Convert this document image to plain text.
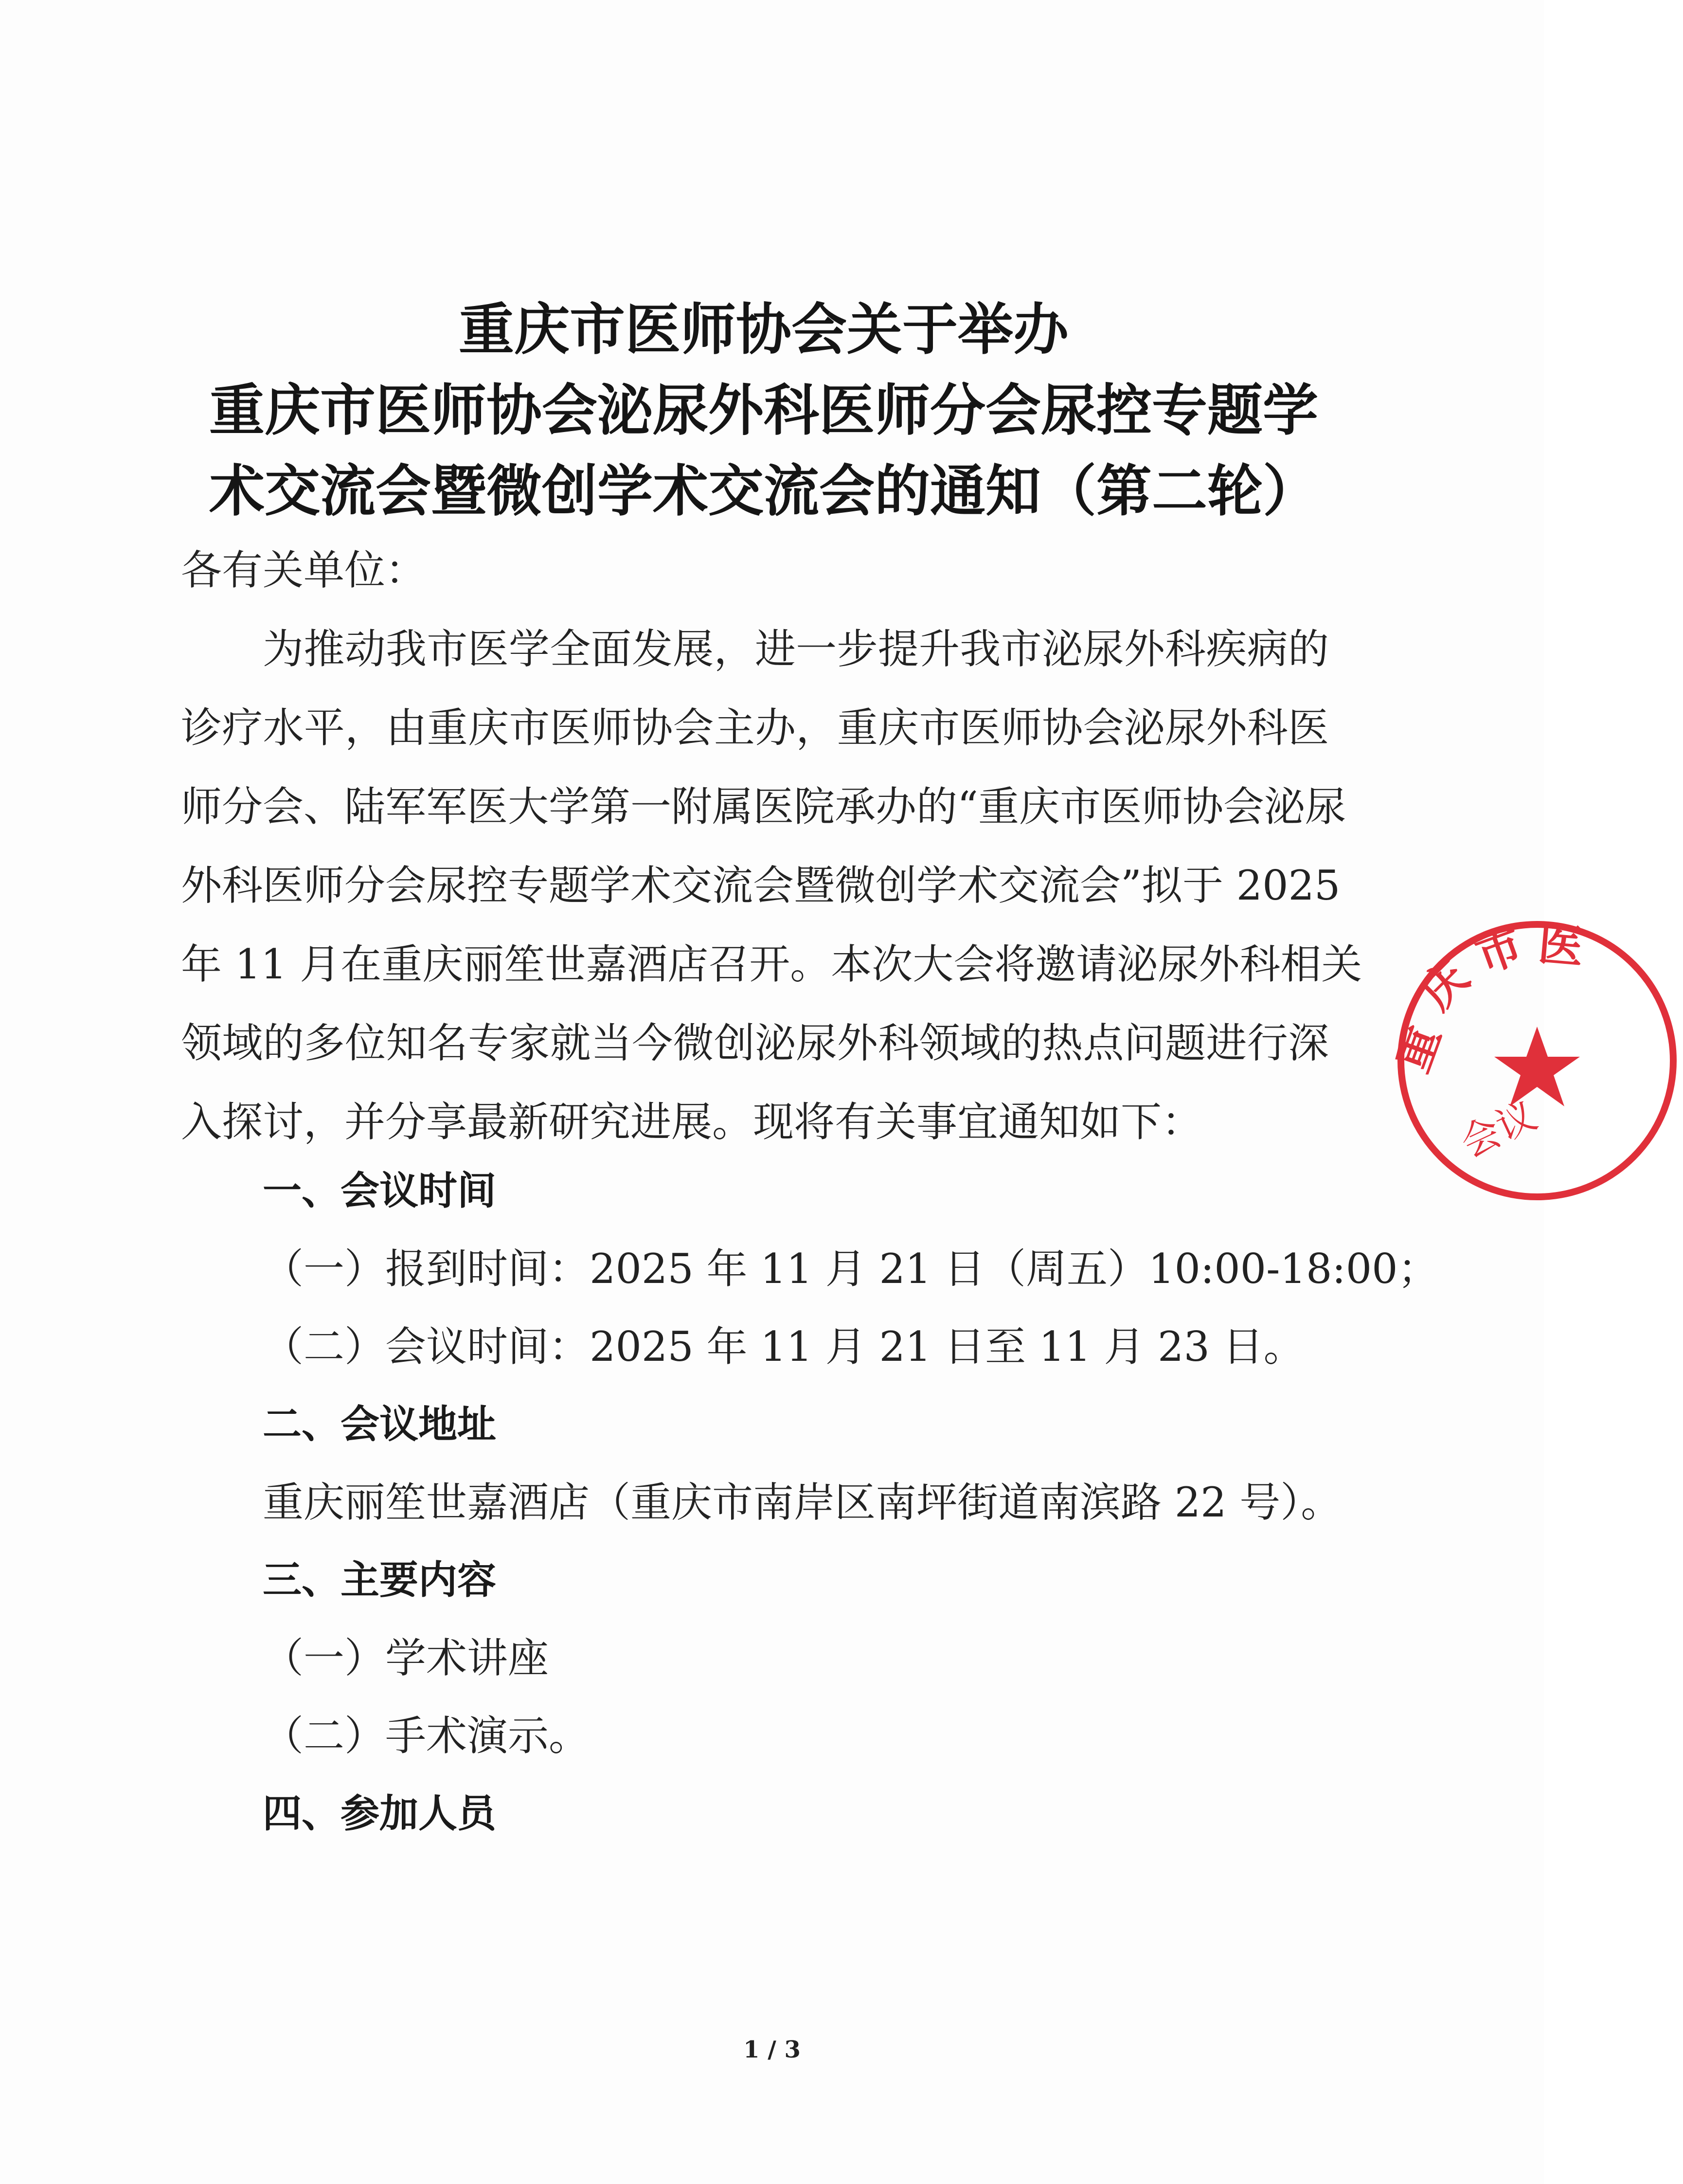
重庆市医师协会关于举办
重庆市医师协会泌尿外科医师分会尿控专题学
术交流会暨微创学术交流会的通知（第二轮）
各有关单位：
为推动我市医学全面发展，进一步提升我市泌尿外科疾病的
诊疗水平，由重庆市医师协会主办，重庆市医师协会泌尿外科医
师分会、陆军军医大学第一附属医院承办的“重庆市医师协会泌尿
外科医师分会尿控专题学术交流会暨微创学术交流会”拟于 2025
年 11 月在重庆丽笙世嘉酒店召开。本次大会将邀请泌尿外科相关
领域的多位知名专家就当今微创泌尿外科领域的热点问题进行深
入探讨，并分享最新研究进展。现将有关事宜通知如下：
一、会议时间
（一）报到时间：2025 年 11 月 21 日（周五）10:00-18:00；
（二）会议时间：2025 年 11 月 21 日至 11 月 23 日。
二、会议地址
重庆丽笙世嘉酒店（重庆市南岸区南坪街道南滨路 22 号）。
三、主要内容
（一）学术讲座
（二）手术演示。
四、参加人员
1 / 3
重
庆
市 医
会议
